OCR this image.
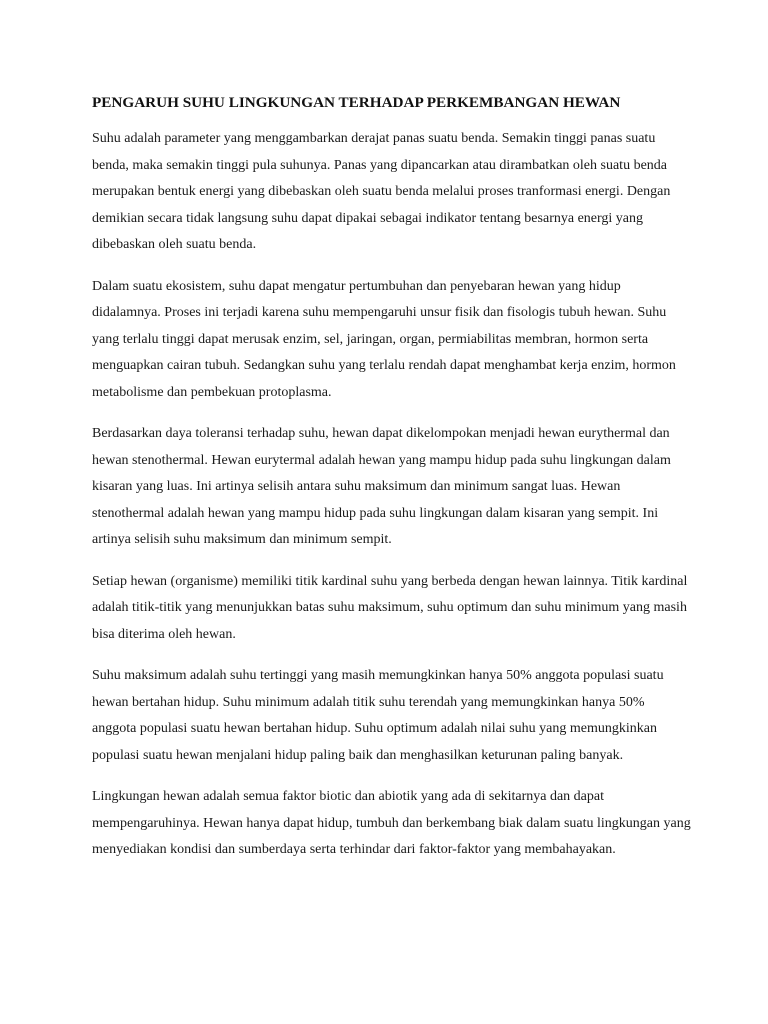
PENGARUH SUHU LINGKUNGAN TERHADAP PERKEMBANGAN HEWAN

Suhu adalah parameter yang menggambarkan derajat panas suatu benda. Semakin tinggi panas suatu benda, maka semakin tinggi pula suhunya. Panas yang dipancarkan atau dirambatkan oleh suatu benda merupakan bentuk energi yang dibebaskan oleh suatu benda melalui proses tranformasi energi. Dengan demikian secara tidak langsung suhu dapat dipakai sebagai indikator tentang besarnya energi yang dibebaskan oleh suatu benda.

Dalam suatu ekosistem, suhu dapat mengatur pertumbuhan dan penyebaran hewan yang hidup didalamnya. Proses ini terjadi karena suhu mempengaruhi unsur fisik dan fisologis tubuh hewan. Suhu yang terlalu tinggi dapat merusak enzim, sel, jaringan, organ, permiabilitas membran, hormon serta menguapkan cairan tubuh. Sedangkan suhu yang terlalu rendah dapat menghambat kerja enzim, hormon metabolisme dan pembekuan protoplasma.

Berdasarkan daya toleransi terhadap suhu, hewan dapat dikelompokan menjadi hewan eurythermal dan hewan stenothermal. Hewan eurytermal adalah hewan yang mampu hidup pada suhu lingkungan dalam kisaran yang luas. Ini artinya selisih antara suhu maksimum dan minimum sangat luas. Hewan stenothermal adalah hewan yang mampu hidup pada suhu lingkungan dalam kisaran yang sempit. Ini artinya selisih suhu maksimum dan minimum sempit.

Setiap hewan (organisme) memiliki titik kardinal suhu yang berbeda dengan hewan lainnya. Titik kardinal adalah titik-titik yang menunjukkan batas suhu maksimum, suhu optimum dan suhu minimum yang masih bisa diterima oleh hewan.

Suhu maksimum adalah suhu tertinggi yang masih memungkinkan hanya 50% anggota populasi suatu hewan bertahan hidup. Suhu minimum adalah titik suhu terendah yang memungkinkan hanya 50% anggota populasi suatu hewan bertahan hidup. Suhu optimum adalah nilai suhu yang memungkinkan populasi suatu hewan menjalani hidup paling baik dan menghasilkan keturunan paling banyak.

Lingkungan hewan adalah semua faktor biotic dan abiotik yang ada di sekitarnya dan dapat mempengaruhinya. Hewan hanya dapat hidup, tumbuh dan berkembang biak dalam suatu lingkungan yang menyediakan kondisi dan sumberdaya serta terhindar dari faktor-faktor yang membahayakan.
